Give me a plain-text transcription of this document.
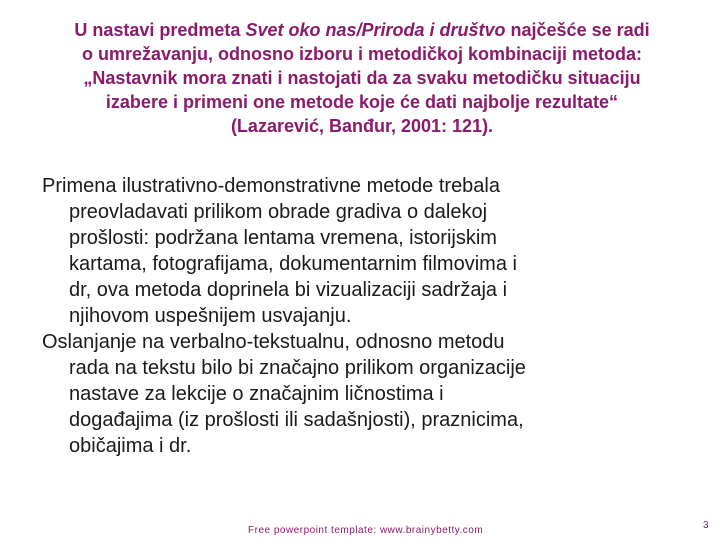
U nastavi predmeta Svet oko nas/Priroda i društvo najčešće se radi
o umrežavanju, odnosno izboru i metodičkoj kombinaciji metoda:
„Nastavnik mora znati i nastojati da za svaku metodičku situaciju
izabere i primeni one metode koje će dati najbolje rezultate“
(Lazarević, Banđur, 2001: 121).

Primena ilustrativno-demonstrativne metode trebala
preovladavati prilikom obrade gradiva o dalekoj
prošlosti: podržana lentama vremena, istorijskim
kartama, fotografijama, dokumentarnim filmovima i
dr, ova metoda doprinela bi vizualizaciji sadržaja i
njihovom uspešnijem usvajanju.

Oslanjanje na verbalno-tekstualnu, odnosno metodu
rada na tekstu bilo bi značajno prilikom organizacije
nastave za lekcije o značajnim ličnostima i
događajima (iz prošlosti ili sadašnjosti), praznicima,
običajima i dr.

Free powerpoint template: www.brainybetty.com	3
